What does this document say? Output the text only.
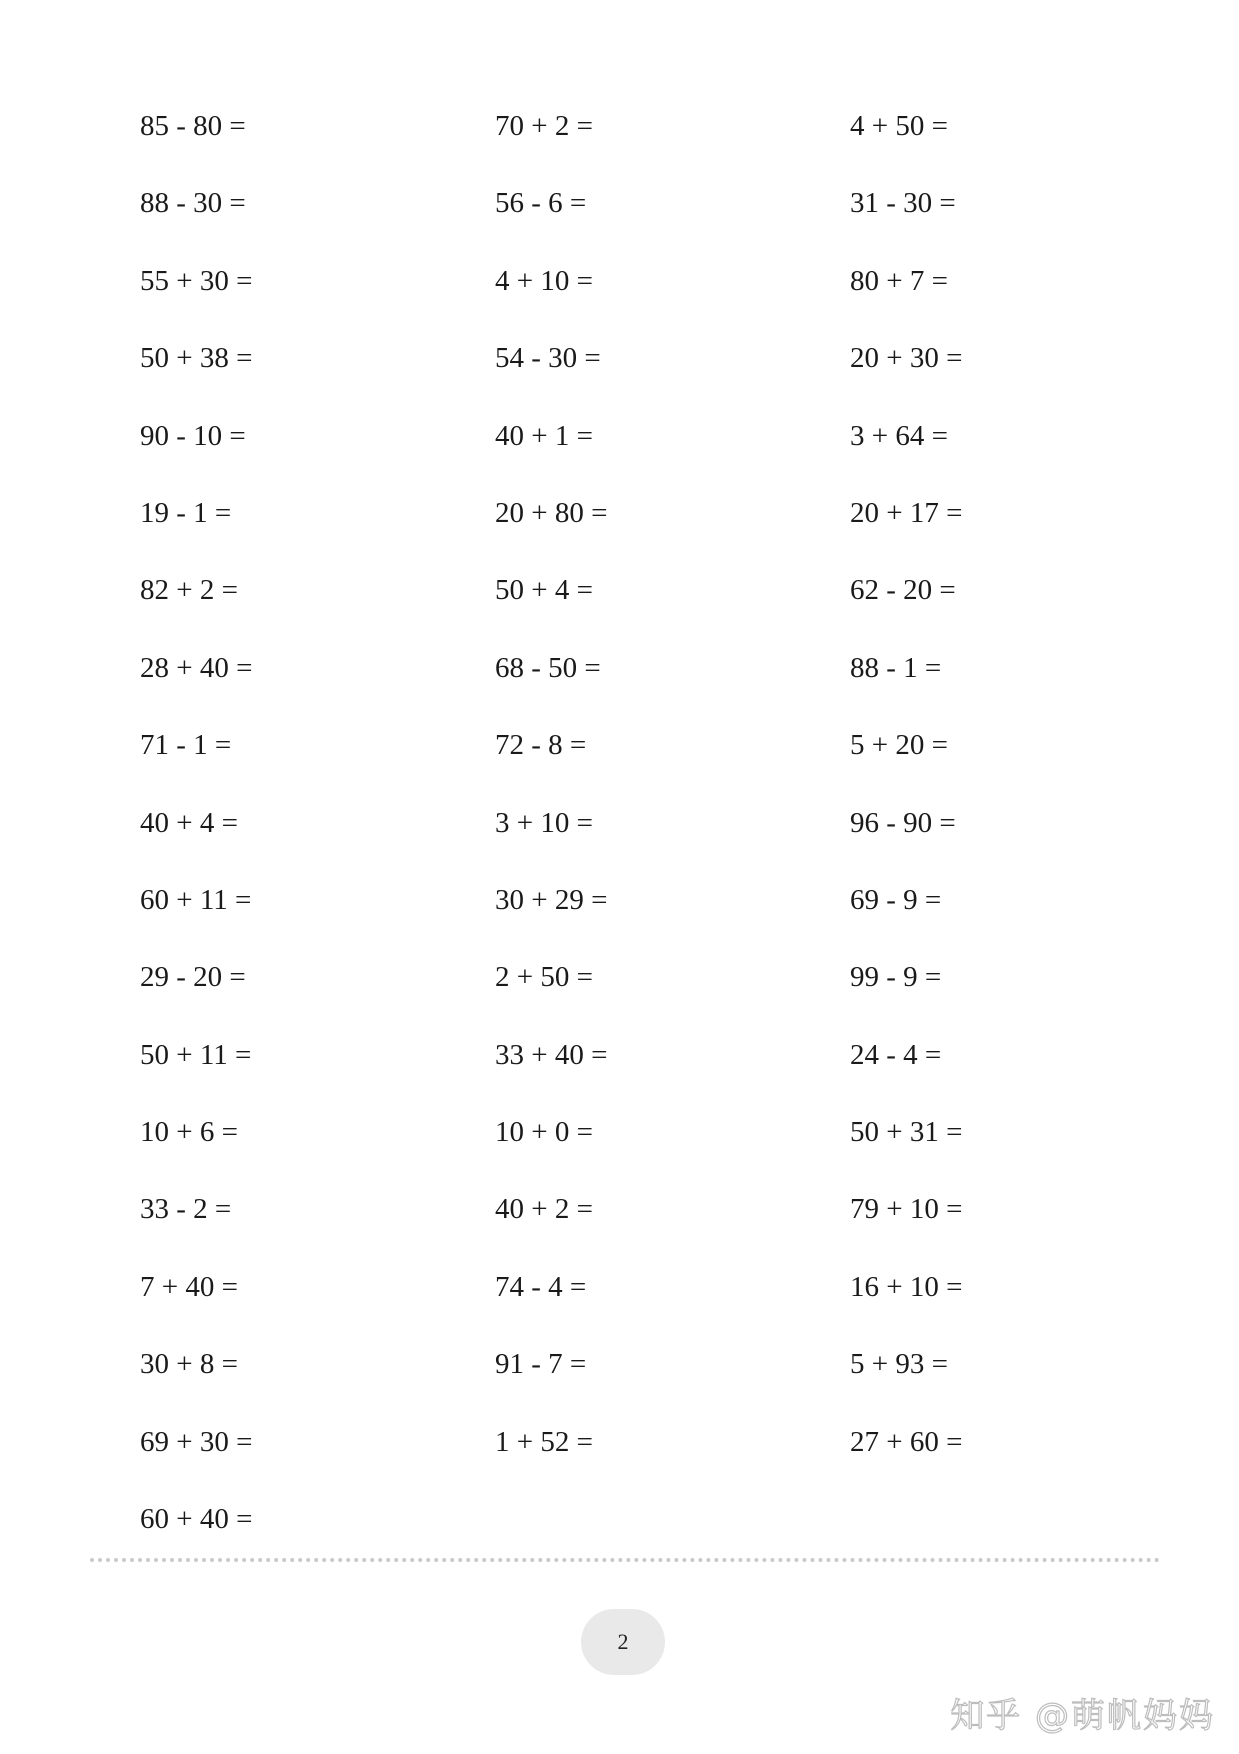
85 - 80 =
88 - 30 =
55 + 30 =
50 + 38 =
90 - 10 =
19 - 1 =
82 + 2 =
28 + 40 =
71 - 1 =
40 + 4 =
60 + 11 =
29 - 20 =
50 + 11 =
10 + 6 =
33 - 2 =
7 + 40 =
30 + 8 =
69 + 30 =
60 + 40 =
70 + 2 =
56 - 6 =
4 + 10 =
54 - 30 =
40 + 1 =
20 + 80 =
50 + 4 =
68 - 50 =
72 - 8 =
3 + 10 =
30 + 29 =
2 + 50 =
33 + 40 =
10 + 0 =
40 + 2 =
74 - 4 =
91 - 7 =
1 + 52 =
4 + 50 =
31 - 30 =
80 + 7 =
20 + 30 =
3 + 64 =
20 + 17 =
62 - 20 =
88 - 1 =
5 + 20 =
96 - 90 =
69 - 9 =
99 - 9 =
24 - 4 =
50 + 31 =
79 + 10 =
16 + 10 =
5 + 93 =
27 + 60 =
2
知乎 @萌帆妈妈
